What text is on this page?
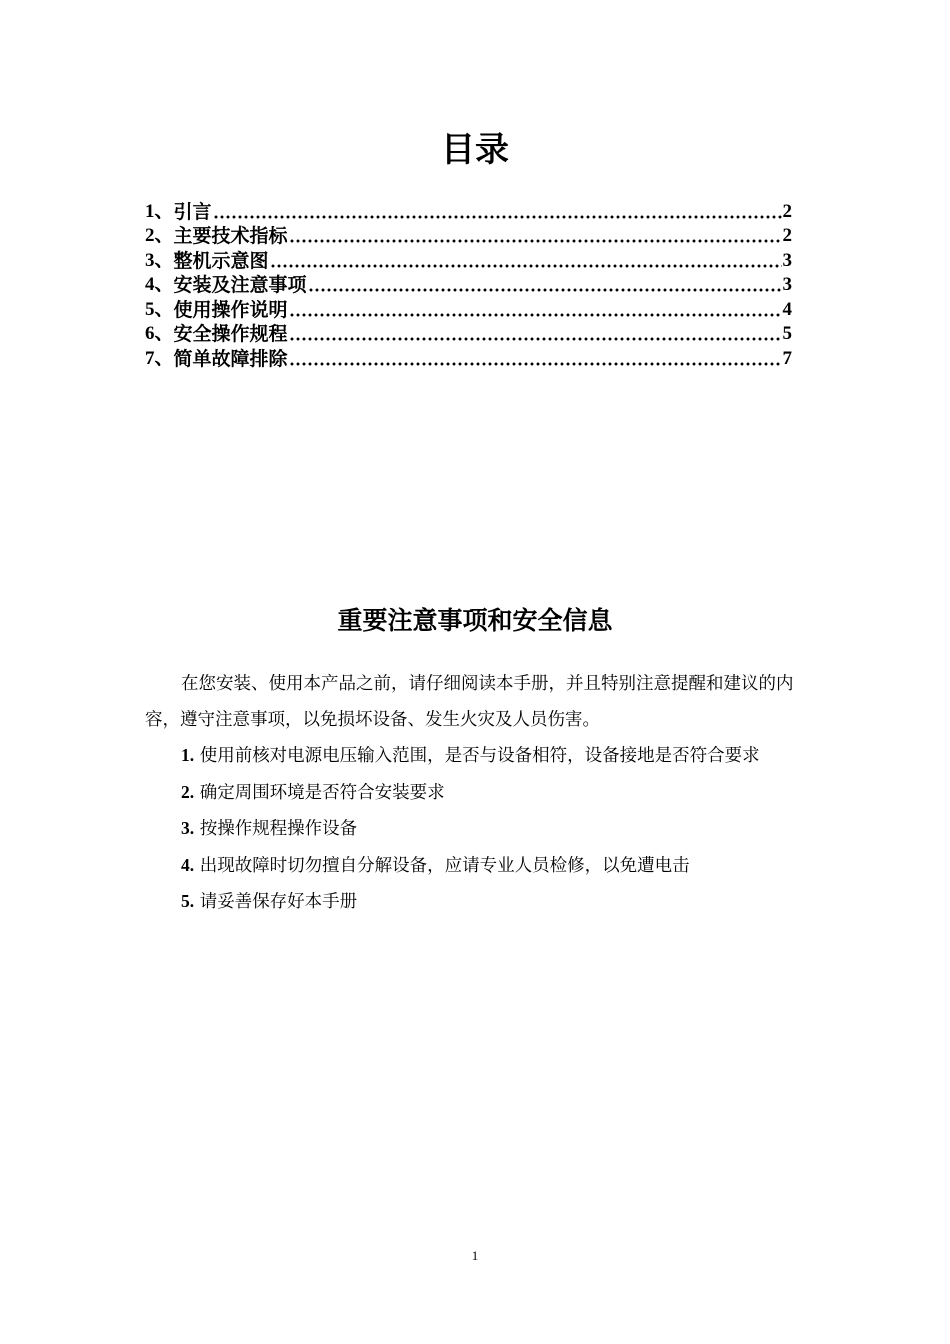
目录
1、 引言	2
2、 主要技术指标	2
3、 整机示意图	3
4、 安装及注意事项	3
5、 使用操作说明	4
6、 安全操作规程	5
7、 简单故障排除	7
重要注意事项和安全信息

在您安装、使用本产品之前，请仔细阅读本手册，并且特别注意提醒和建议的内容，遵守注意事项，以免损坏设备、发生火灾及人员伤害。

1. 使用前核对电源电压输入范围，是否与设备相符，设备接地是否符合要求

2. 确定周围环境是否符合安装要求

3. 按操作规程操作设备

4. 出现故障时切勿擅自分解设备，应请专业人员检修，以免遭电击

5. 请妥善保存好本手册

1
